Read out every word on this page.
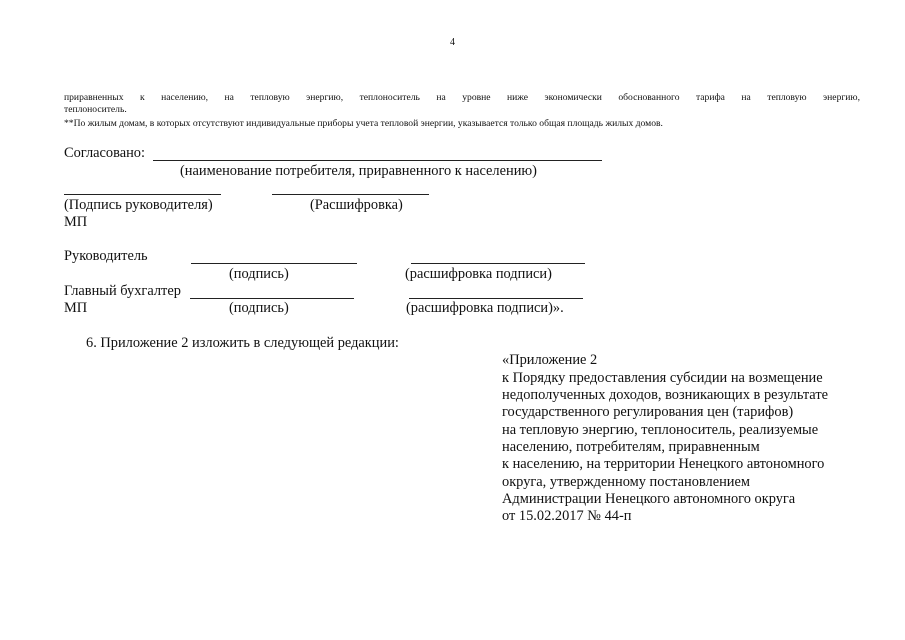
4
приравненных к населению, на тепловую энергию, теплоноситель на уровне ниже экономически обоснованного тарифа на тепловую энергию,
теплоноситель.
**По жилым домам, в которых отсутствуют индивидуальные приборы учета тепловой энергии, указывается только общая площадь жилых домов.
Согласовано:
(наименование потребителя, приравненного к населению)
(Подпись руководителя)	(Расшифровка)
МП
Руководитель
(подпись)	(расшифровка подписи)
Главный бухгалтер
МП	(подпись)	(расшифровка подписи)».
6. Приложение 2 изложить в следующей редакции:
«Приложение 2
к Порядку предоставления субсидии на возмещение
недополученных доходов, возникающих в результате
государственного регулирования цен (тарифов)
на тепловую энергию, теплоноситель, реализуемые
населению, потребителям, приравненным
к населению, на территории Ненецкого автономного
округа, утвержденному постановлением
Администрации Ненецкого автономного округа
от 15.02.2017 № 44-п
